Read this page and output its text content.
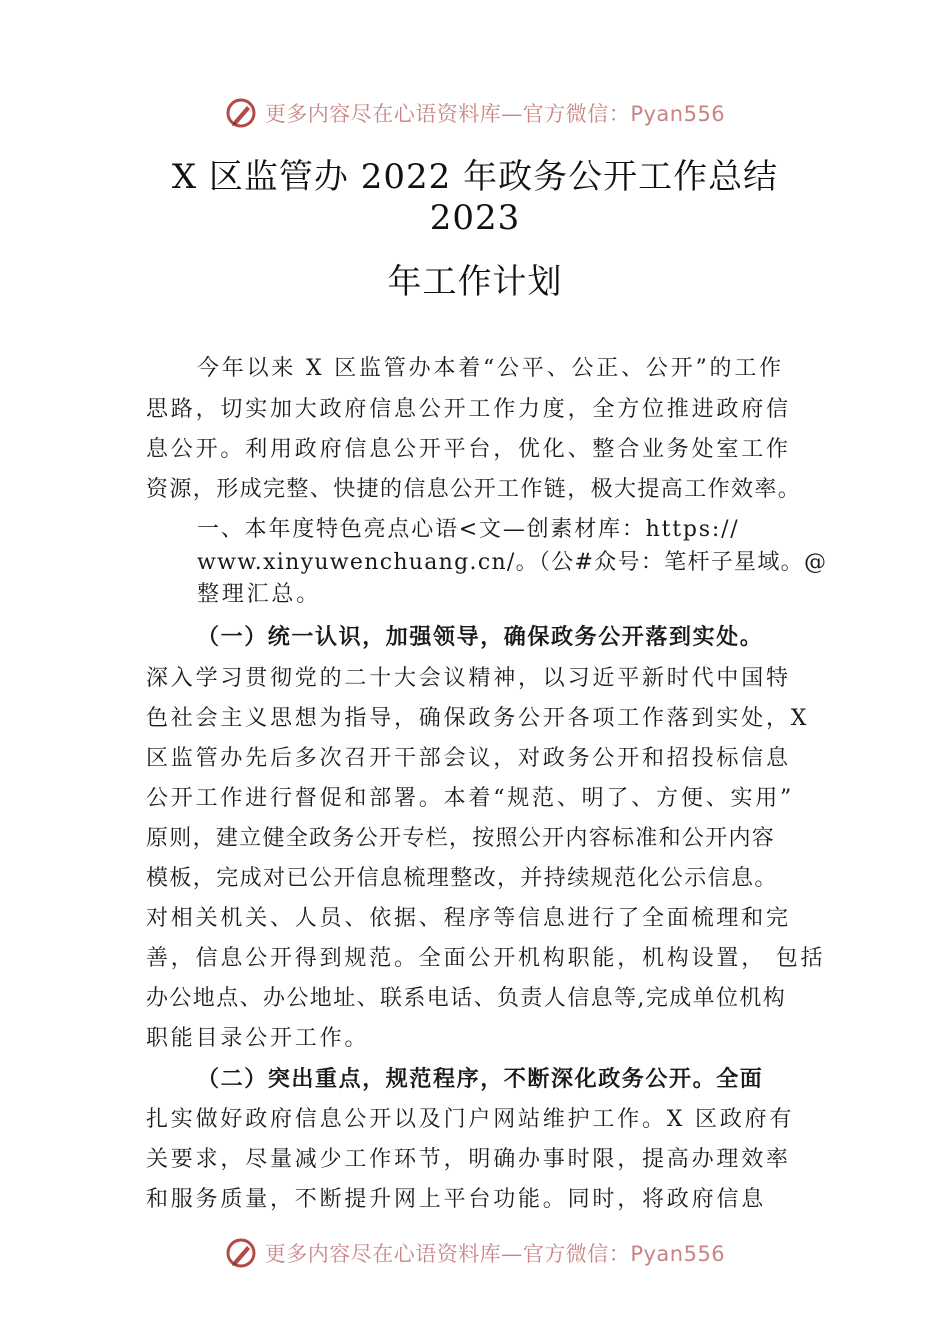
更多内容尽在心语资料库—官方微信：Pyan556
X 区监管办 2022 年政务公开工作总结
2023
年工作计划
今年以来 X 区监管办本着“公平、公正、公开”的工作
思路，切实加大政府信息公开工作力度，全方位推进政府信
息公开。利用政府信息公开平台，优化、整合业务处室工作
资源，形成完整、快捷的信息公开工作链，极大提高工作效率。
一、本年度特色亮点心语<文—创素材库：https://
www.xinyuwenchuang.cn/。（公#众号：笔杆子星域。@
整理汇总。
（一）统一认识，加强领导，确保政务公开落到实处。
深入学习贯彻党的二十大会议精神，以习近平新时代中国特
色社会主义思想为指导，确保政务公开各项工作落到实处，X
区监管办先后多次召开干部会议，对政务公开和招投标信息
公开工作进行督促和部署。本着“规范、明了、方便、实用”
原则，建立健全政务公开专栏，按照公开内容标准和公开内容
模板，完成对已公开信息梳理整改，并持续规范化公示信息。
对相关机关、人员、依据、程序等信息进行了全面梳理和完
善，信息公开得到规范。全面公开机构职能，机构设置， 包括
办公地点、办公地址、联系电话、负责人信息等,完成单位机构
职能目录公开工作。
（二）突出重点，规范程序，不断深化政务公开。全面
扎实做好政府信息公开以及门户网站维护工作。X 区政府有
关要求，尽量减少工作环节，明确办事时限，提高办理效率
和服务质量，不断提升网上平台功能。同时，将政府信息
更多内容尽在心语资料库—官方微信：Pyan556
